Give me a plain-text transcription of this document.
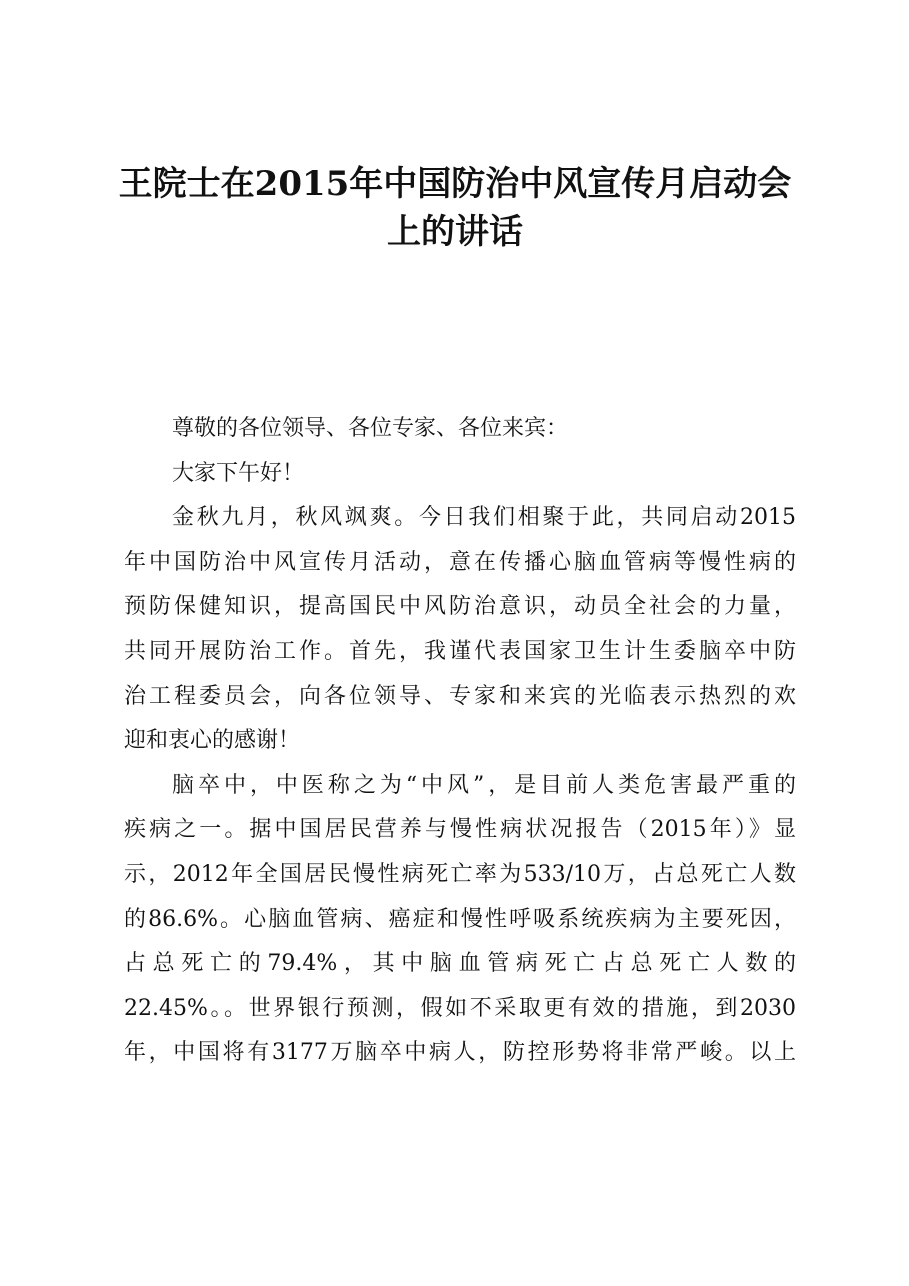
王院士在2015年中国防治中风宣传月启动会
上的讲话
尊敬的各位领导、各位专家、各位来宾：
大家下午好！
金秋九月，秋风飒爽。今日我们相聚于此，共同启动2015
年中国防治中风宣传月活动，意在传播心脑血管病等慢性病的
预防保健知识，提高国民中风防治意识，动员全社会的力量，
共同开展防治工作。首先，我谨代表国家卫生计生委脑卒中防
治工程委员会，向各位领导、专家和来宾的光临表示热烈的欢
迎和衷心的感谢！
脑卒中，中医称之为“中风”，是目前人类危害最严重的
疾病之一。据中国居民营养与慢性病状况报告（2015年）》显
示，2012年全国居民慢性病死亡率为533/10万，占总死亡人数
的86.6%。心脑血管病、癌症和慢性呼吸系统疾病为主要死因，
占总死亡的79.4%，其中脑血管病死亡占总死亡人数的
22.45%。。世界银行预测，假如不采取更有效的措施，到2030
年，中国将有3177万脑卒中病人，防控形势将非常严峻。以上
